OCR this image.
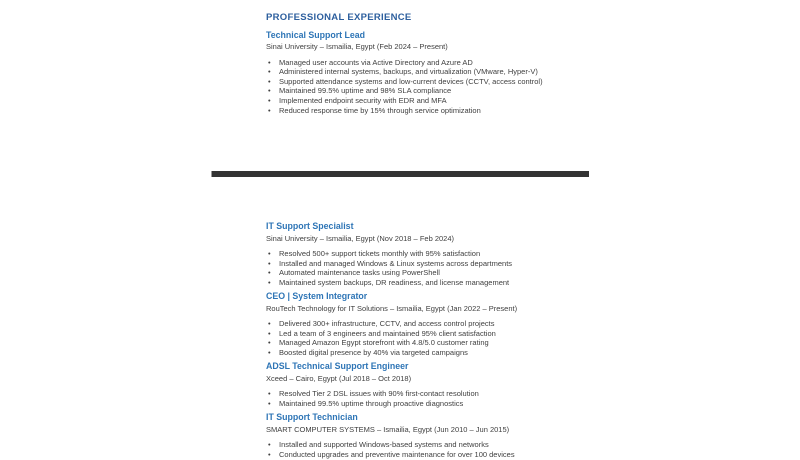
PROFESSIONAL EXPERIENCE
Technical Support Lead

Sinai University – Ismailia, Egypt (Feb 2024 – Present)

• Managed user accounts via Active Directory and Azure AD
• Administered internal systems, backups, and virtualization (VMware, Hyper-V)
• Supported attendance systems and low-current devices (CCTV, access control)
• Maintained 99.5% uptime and 98% SLA compliance
• Implemented endpoint security with EDR and MFA
• Reduced response time by 15% through service optimization
IT Support Specialist

Sinai University – Ismailia, Egypt (Nov 2018 – Feb 2024)

• Resolved 500+ support tickets monthly with 95% satisfaction
• Installed and managed Windows & Linux systems across departments
• Automated maintenance tasks using PowerShell
• Maintained system backups, DR readiness, and license management
CEO | System Integrator

RouTech Technology for IT Solutions – Ismailia, Egypt (Jan 2022 – Present)

• Delivered 300+ infrastructure, CCTV, and access control projects
• Led a team of 3 engineers and maintained 95% client satisfaction
• Managed Amazon Egypt storefront with 4.8/5.0 customer rating
• Boosted digital presence by 40% via targeted campaigns
ADSL Technical Support Engineer

Xceed – Cairo, Egypt (Jul 2018 – Oct 2018)

• Resolved Tier 2 DSL issues with 90% first-contact resolution
• Maintained 99.5% uptime through proactive diagnostics
IT Support Technician

SMART COMPUTER SYSTEMS – Ismailia, Egypt (Jun 2010 – Jun 2015)

• Installed and supported Windows-based systems and networks
• Conducted upgrades and preventive maintenance for over 100 devices
